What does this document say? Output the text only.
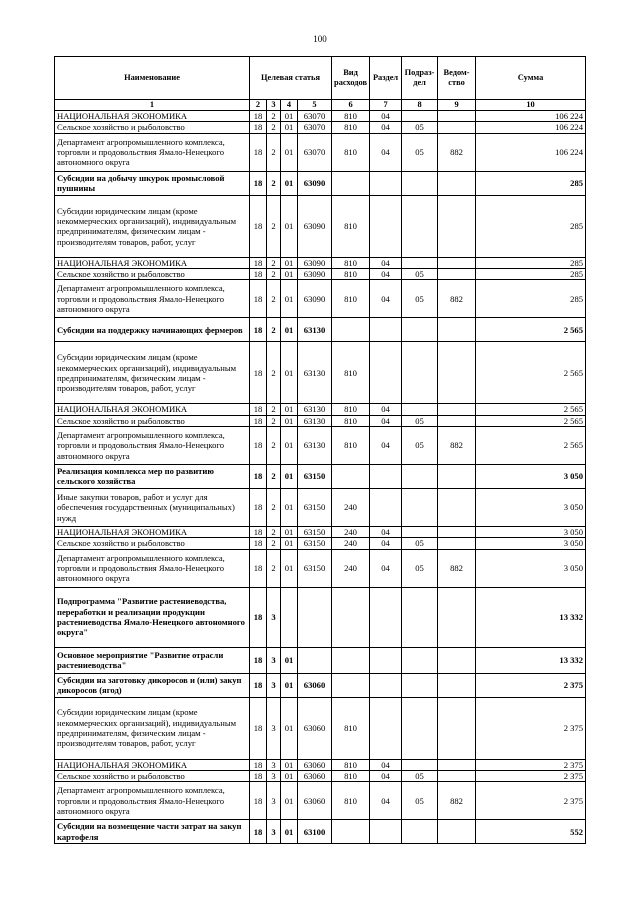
100
Наименование	Целевая статья				Вид расходов	Раздел	Подраз-дел	Ведом-ство	Сумма
1	2	3	4	5	6	7	8	9	10
НАЦИОНАЛЬНАЯ ЭКОНОМИКА	18	2	01	63070	810	04			106 224
Сельское хозяйство и рыболовство	18	2	01	63070	810	04	05		106 224
Департамент агропромышленного комплекса, торговли и продовольствия Ямало-Ненецкого автономного округа	18	2	01	63070	810	04	05	882	106 224
Субсидии на добычу шкурок промысловой пушнины	18	2	01	63090					285
Субсидии юридическим лицам (кроме некоммерческих организаций), индивидуальным предпринимателям, физическим лицам - производителям товаров, работ, услуг	18	2	01	63090	810				285
НАЦИОНАЛЬНАЯ ЭКОНОМИКА	18	2	01	63090	810	04			285
Сельское хозяйство и рыболовство	18	2	01	63090	810	04	05		285
Департамент агропромышленного комплекса, торговли и продовольствия Ямало-Ненецкого автономного округа	18	2	01	63090	810	04	05	882	285
Субсидии на поддержку начинающих фермеров	18	2	01	63130					2 565
Субсидии юридическим лицам (кроме некоммерческих организаций), индивидуальным предпринимателям, физическим лицам - производителям товаров, работ, услуг	18	2	01	63130	810				2 565
НАЦИОНАЛЬНАЯ ЭКОНОМИКА	18	2	01	63130	810	04			2 565
Сельское хозяйство и рыболовство	18	2	01	63130	810	04	05		2 565
Департамент агропромышленного комплекса, торговли и продовольствия Ямало-Ненецкого автономного округа	18	2	01	63130	810	04	05	882	2 565
Реализация комплекса мер по развитию сельского хозяйства	18	2	01	63150					3 050
Иные закупки товаров, работ и услуг для обеспечения государственных (муниципальных) нужд	18	2	01	63150	240				3 050
НАЦИОНАЛЬНАЯ ЭКОНОМИКА	18	2	01	63150	240	04			3 050
Сельское хозяйство и рыболовство	18	2	01	63150	240	04	05		3 050
Департамент агропромышленного комплекса, торговли и продовольствия Ямало-Ненецкого автономного округа	18	2	01	63150	240	04	05	882	3 050
Подпрограмма "Развитие растениеводства, переработки и реализации продукции растениеводства Ямало-Ненецкого автономного округа"	18	3							13 332
Основное мероприятие "Развитие отрасли растениеводства"	18	3	01						13 332
Субсидии на заготовку дикоросов и (или) закуп дикоросов (ягод)	18	3	01	63060					2 375
Субсидии юридическим лицам (кроме некоммерческих организаций), индивидуальным предпринимателям, физическим лицам - производителям товаров, работ, услуг	18	3	01	63060	810				2 375
НАЦИОНАЛЬНАЯ ЭКОНОМИКА	18	3	01	63060	810	04			2 375
Сельское хозяйство и рыболовство	18	3	01	63060	810	04	05		2 375
Департамент агропромышленного комплекса, торговли и продовольствия Ямало-Ненецкого автономного округа	18	3	01	63060	810	04	05	882	2 375
Субсидии на возмещение части затрат на закуп картофеля	18	3	01	63100					552
